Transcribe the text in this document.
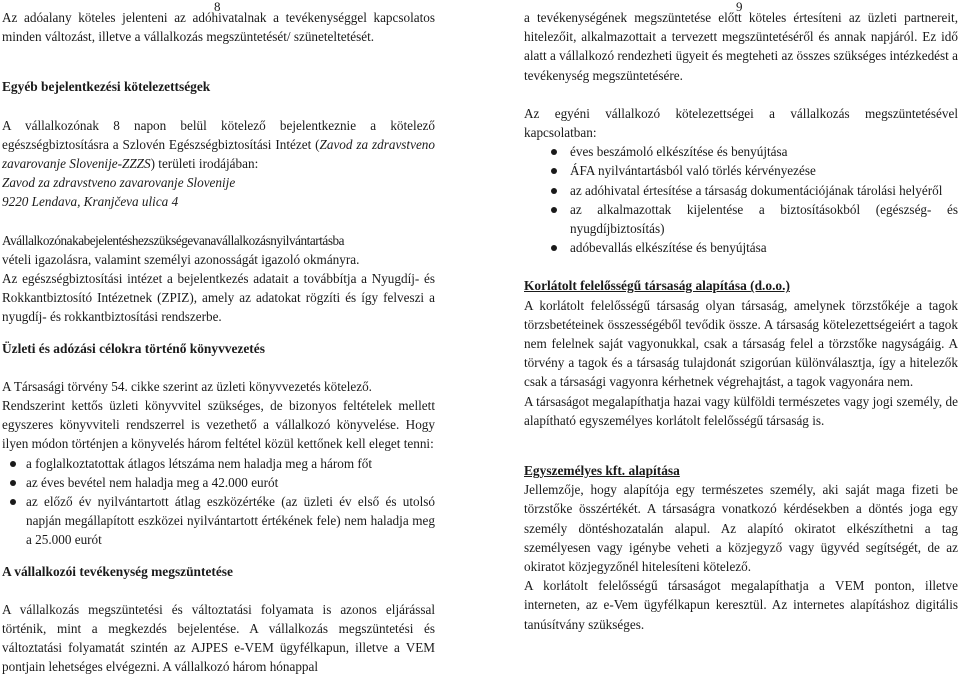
8	9

Az adóalany köteles jelenteni az adóhivatalnak a tevékenységgel kapcsolatos minden változást, illetve a vállalkozás megszüntetését/ szüneteltetését.

Egyéb bejelentkezési kötelezettségek

A vállalkozónak 8 napon belül kötelező bejelentkeznie a kötelező egészségbiztosításra a Szlovén Egészségbiztosítási Intézet (Zavod za zdravstveno zavarovanje Slovenije-ZZZS) területi irodájában:

Zavod za zdravstveno zavarovanje Slovenije

9220 Lendava, Kranjčeva ulica 4

Avállalkozónakabejelentéshezszükségevanavállalkozásnyilvántartásba

vételi igazolásra, valamint személyi azonosságát igazoló okmányra.

Az egészségbiztosítási intézet a bejelentkezés adatait a továbbítja a Nyugdíj- és Rokkantbiztosító Intézetnek (ZPIZ), amely az adatokat rögzíti és így felveszi a nyugdíj- és rokkantbiztosítási rendszerbe.

Üzleti és adózási célokra történő könyvvezetés

A Társasági törvény 54. cikke szerint az üzleti könyvvezetés kötelező.

Rendszerint kettős üzleti könyvvitel szükséges, de bizonyos feltételek mellett egyszeres könyvviteli rendszerrel is vezethető a vállalkozó könyvelése. Hogy ilyen módon történjen a könyvelés három feltétel közül kettőnek kell eleget tenni:

a foglalkoztatottak átlagos létszáma nem haladja meg a három főt
az éves bevétel nem haladja meg a 42.000 eurót
az előző év nyilvántartott átlag eszközértéke (az üzleti év első és utolsó napján megállapított eszközei nyilvántartott értékének fele) nem haladja meg a 25.000 eurót
A vállalkozói tevékenység megszüntetése

A vállalkozás megszüntetési és változtatási folyamata is azonos eljárással történik, mint a megkezdés bejelentése. A vállalkozás megszüntetési és változtatási folyamatát szintén az AJPES e-VEM ügyfélkapun, illetve a VEM pontjain lehetséges elvégezni. A vállalkozó három hónappal

a tevékenységének megszüntetése előtt köteles értesíteni az üzleti partnereit, hitelezőit, alkalmazottait a tervezett megszüntetéséről és annak napjáról. Ez idő alatt a vállalkozó rendezheti ügyeit és megteheti az összes szükséges intézkedést a tevékenység megszüntetésére.

Az egyéni vállalkozó kötelezettségei a vállalkozás megszüntetésével kapcsolatban:

éves beszámoló elkészítése és benyújtása
ÁFA nyilvántartásból való törlés kérvényezése
az adóhivatal értesítése a társaság dokumentációjának tárolási helyéről
az alkalmazottak kijelentése a biztosításokból (egészség- és nyugdíjbiztosítás)
adóbevallás elkészítése és benyújtása
Korlátolt felelősségű társaság alapítása (d.o.o.)

A korlátolt felelősségű társaság olyan társaság, amelynek törzstőkéje a tagok törzsbetéteinek összességéből tevődik össze. A társaság kötelezettségeiért a tagok nem felelnek saját vagyonukkal, csak a társaság felel a törzstőke nagyságáig. A törvény a tagok és a társaság tulajdonát szigorúan különválasztja, így a hitelezők csak a társasági vagyonra kérhetnek végrehajtást, a tagok vagyonára nem.

A társaságot megalapíthatja hazai vagy külföldi természetes vagy jogi személy, de alapítható egyszemélyes korlátolt felelősségű társaság is.

Egyszemélyes kft. alapítása

Jellemzője, hogy alapítója egy természetes személy, aki saját maga fizeti be törzstőke összértékét. A társaságra vonatkozó kérdésekben a döntés joga egy személy döntéshozatalán alapul. Az alapító okiratot elkészíthetni a tag személyesen vagy igénybe veheti a közjegyző vagy ügyvéd segítségét, de az okiratot közjegyzőnél hitelesíteni kötelező.

A korlátolt felelősségű társaságot megalapíthatja a VEM ponton, illetve interneten, az e-Vem ügyfélkapun keresztül. Az internetes alapításhoz digitális tanúsítvány szükséges.
